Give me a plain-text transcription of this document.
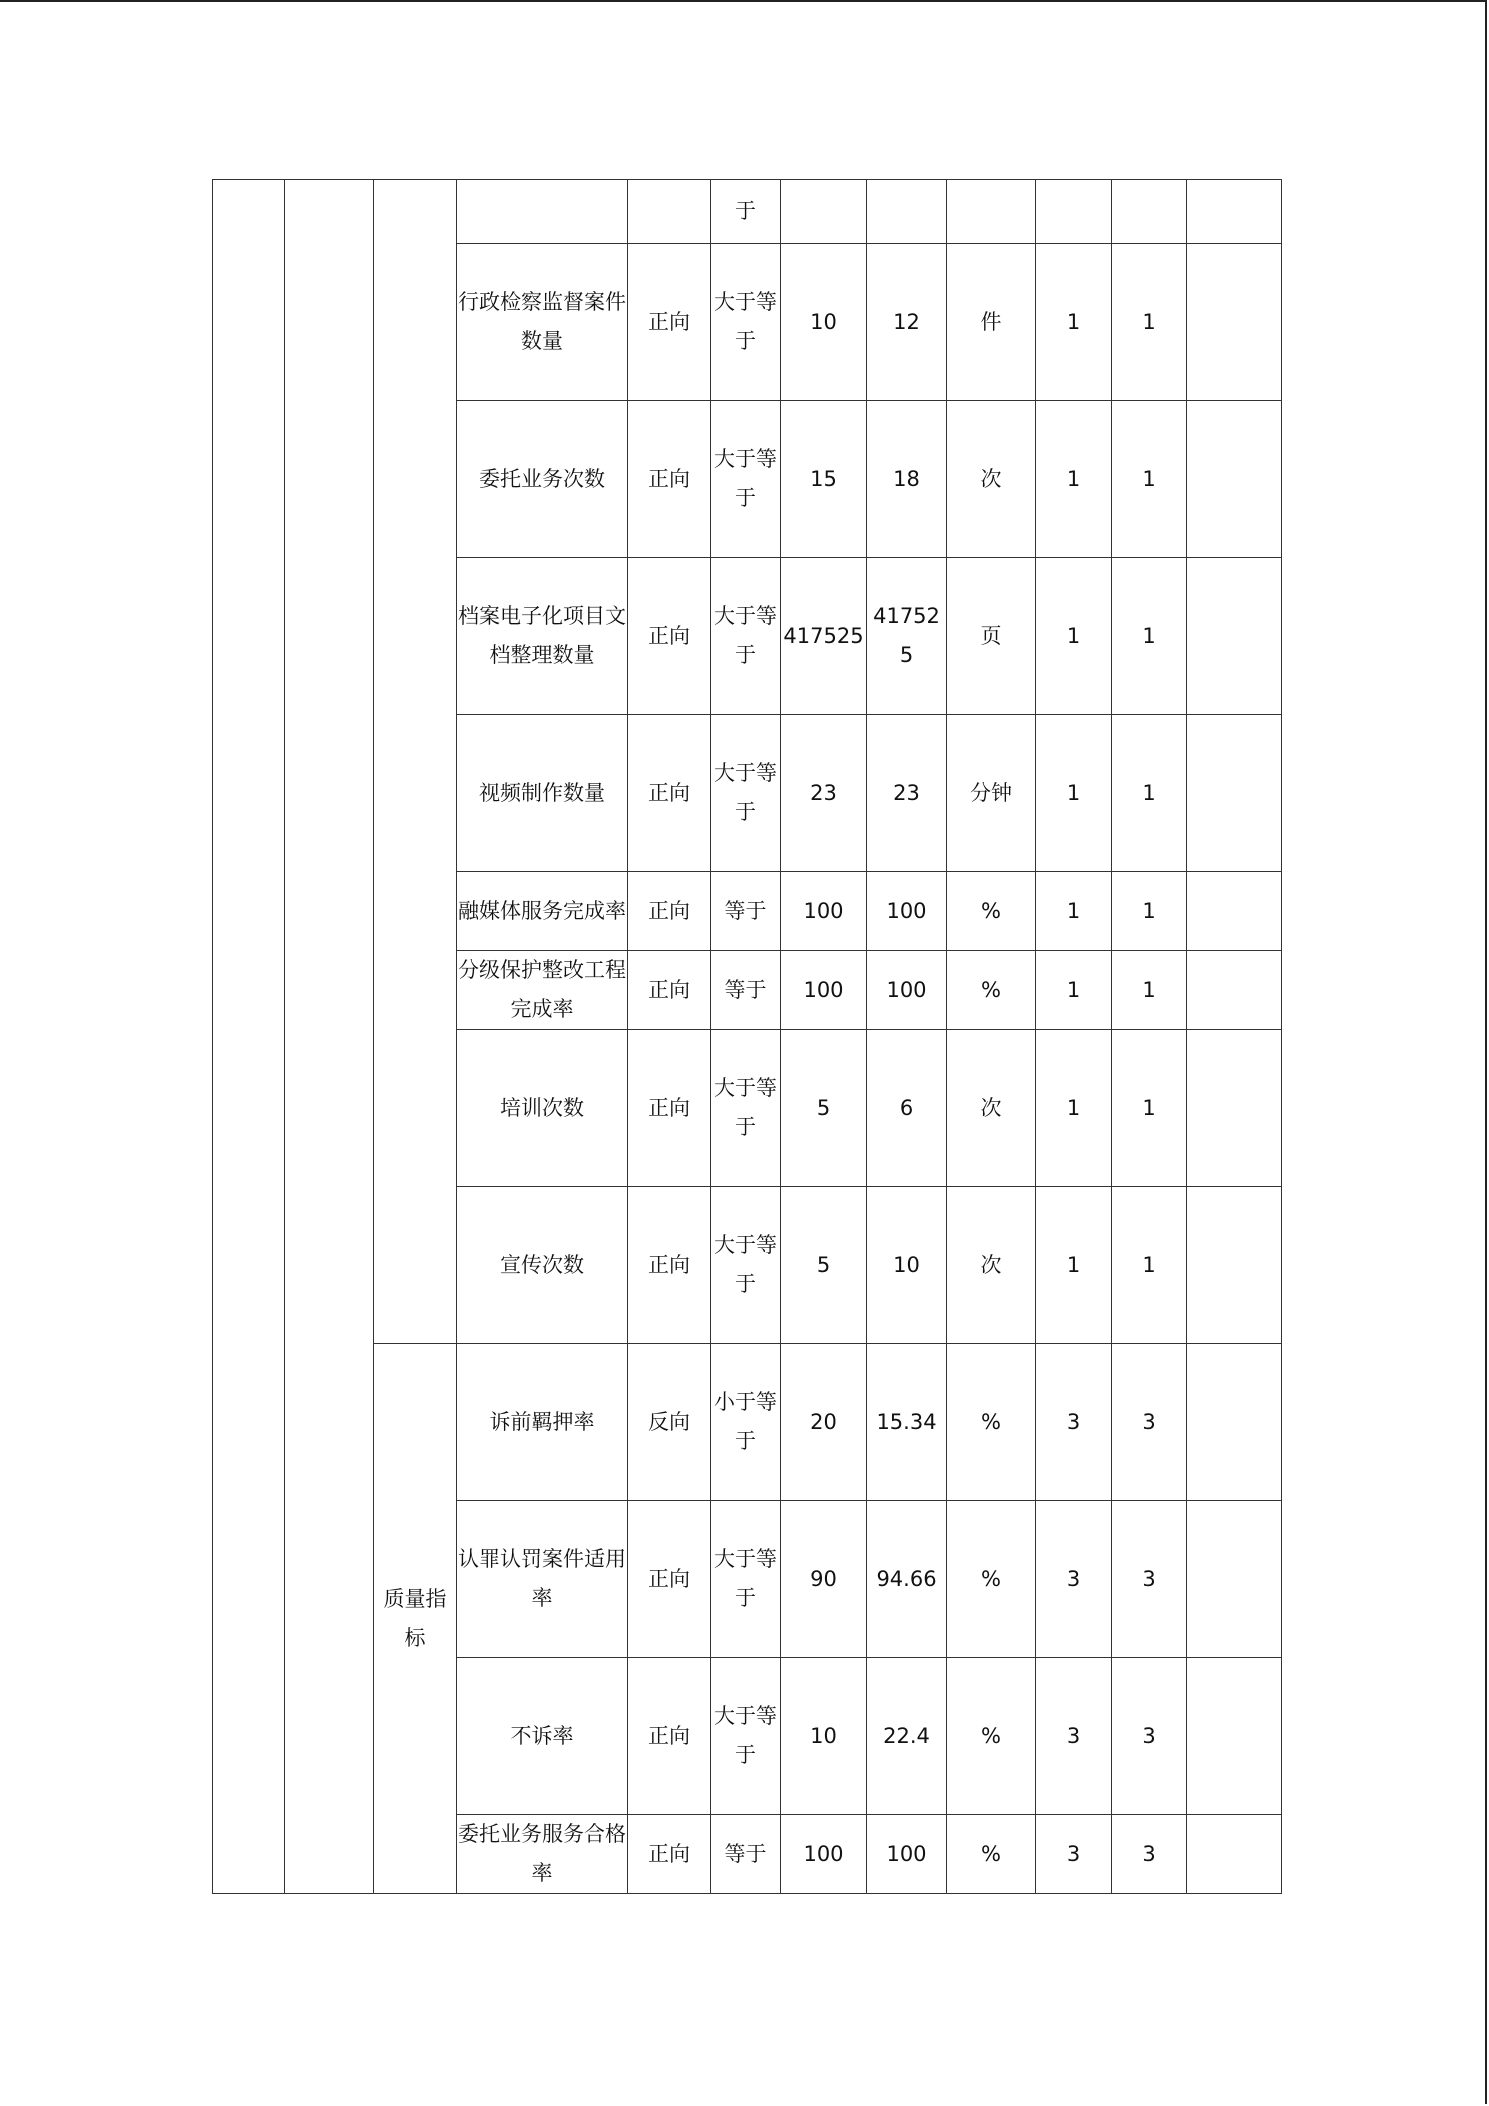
					于						
			行政检察监督案件数量	正向	大于等于	10	12	件	1	1	
			委托业务次数	正向	大于等于	15	18	次	1	1	
			档案电子化项目文档整理数量	正向	大于等于	417525	417525	页	1	1	
			视频制作数量	正向	大于等于	23	23	分钟	1	1	
			融媒体服务完成率	正向	等于	100	100	%	1	1	
			分级保护整改工程完成率	正向	等于	100	100	%	1	1	
			培训次数	正向	大于等于	5	6	次	1	1	
			宣传次数	正向	大于等于	5	10	次	1	1	
		质量指标	诉前羁押率	反向	小于等于	20	15.34	%	3	3	
			认罪认罚案件适用率	正向	大于等于	90	94.66	%	3	3	
			不诉率	正向	大于等于	10	22.4	%	3	3	
			委托业务服务合格率	正向	等于	100	100	%	3	3	
